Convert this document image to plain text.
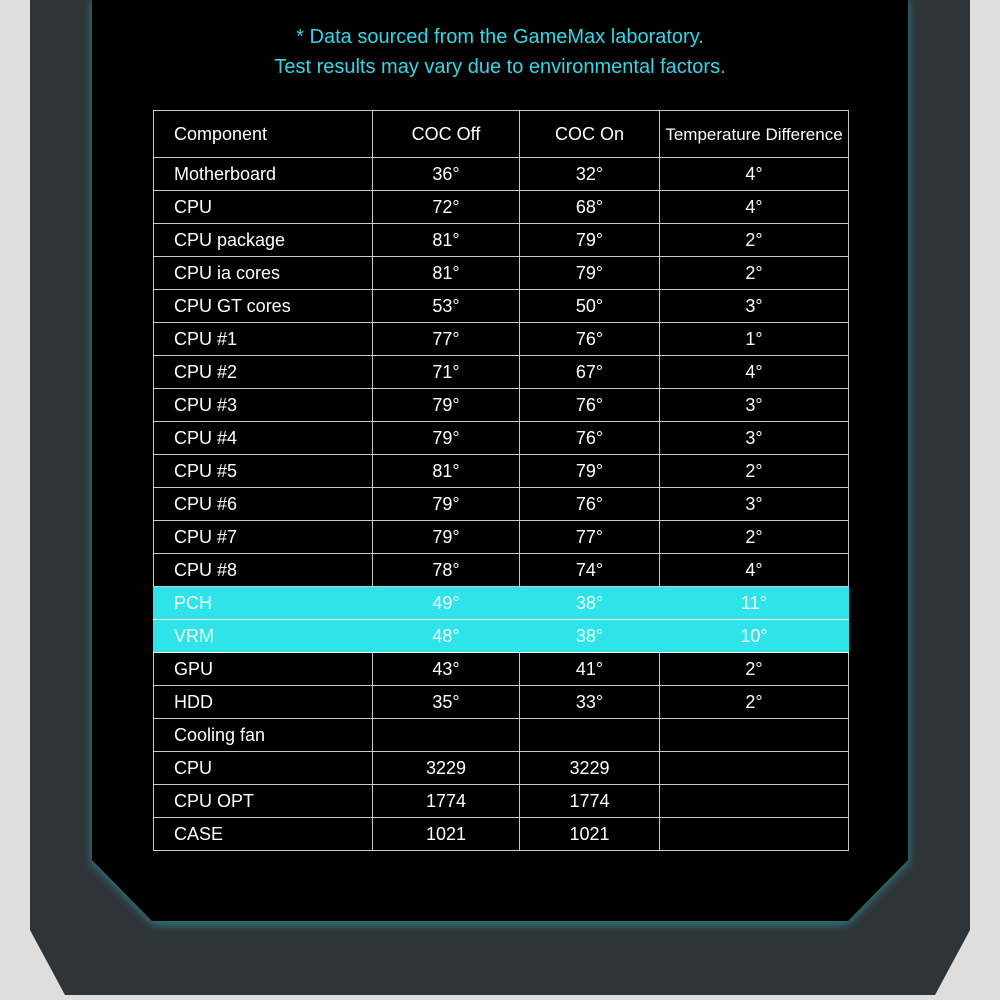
* Data sourced from the GameMax laboratory.
Test results may vary due to environmental factors.
Component	COC Off	COC On	Temperature Difference
Motherboard	36°	32°	4°
CPU	72°	68°	4°
CPU package	81°	79°	2°
CPU ia cores	81°	79°	2°
CPU GT cores	53°	50°	3°
CPU #1	77°	76°	1°
CPU #2	71°	67°	4°
CPU #3	79°	76°	3°
CPU #4	79°	76°	3°
CPU #5	81°	79°	2°
CPU #6	79°	76°	3°
CPU #7	79°	77°	2°
CPU #8	78°	74°	4°
PCH	49°	38°	11°
VRM	48°	38°	10°
GPU	43°	41°	2°
HDD	35°	33°	2°
Cooling fan			
CPU	3229	3229	
CPU OPT	1774	1774	
CASE	1021	1021	
